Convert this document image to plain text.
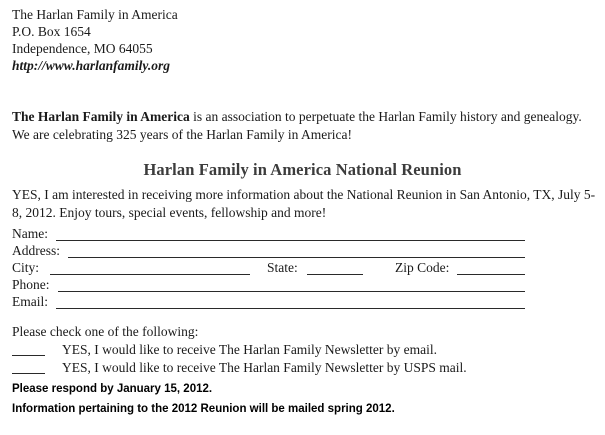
The Harlan Family in America
P.O. Box 1654
Independence, MO 64055
http://www.harlanfamily.org
The Harlan Family in America is an association to perpetuate the Harlan Family history and genealogy. We are celebrating 325 years of the Harlan Family in America!
Harlan Family in America National Reunion
YES, I am interested in receiving more information about the National Reunion in San Antonio, TX, July 5-8, 2012. Enjoy tours, special events, fellowship and more!
Name:
Address:
City:	State:	Zip Code:
Phone:
Email:
Please check one of the following:
YES, I would like to receive The Harlan Family Newsletter by email.
YES, I would like to receive The Harlan Family Newsletter by USPS mail.
Please respond by January 15, 2012.
Information pertaining to the 2012 Reunion will be mailed spring 2012.
